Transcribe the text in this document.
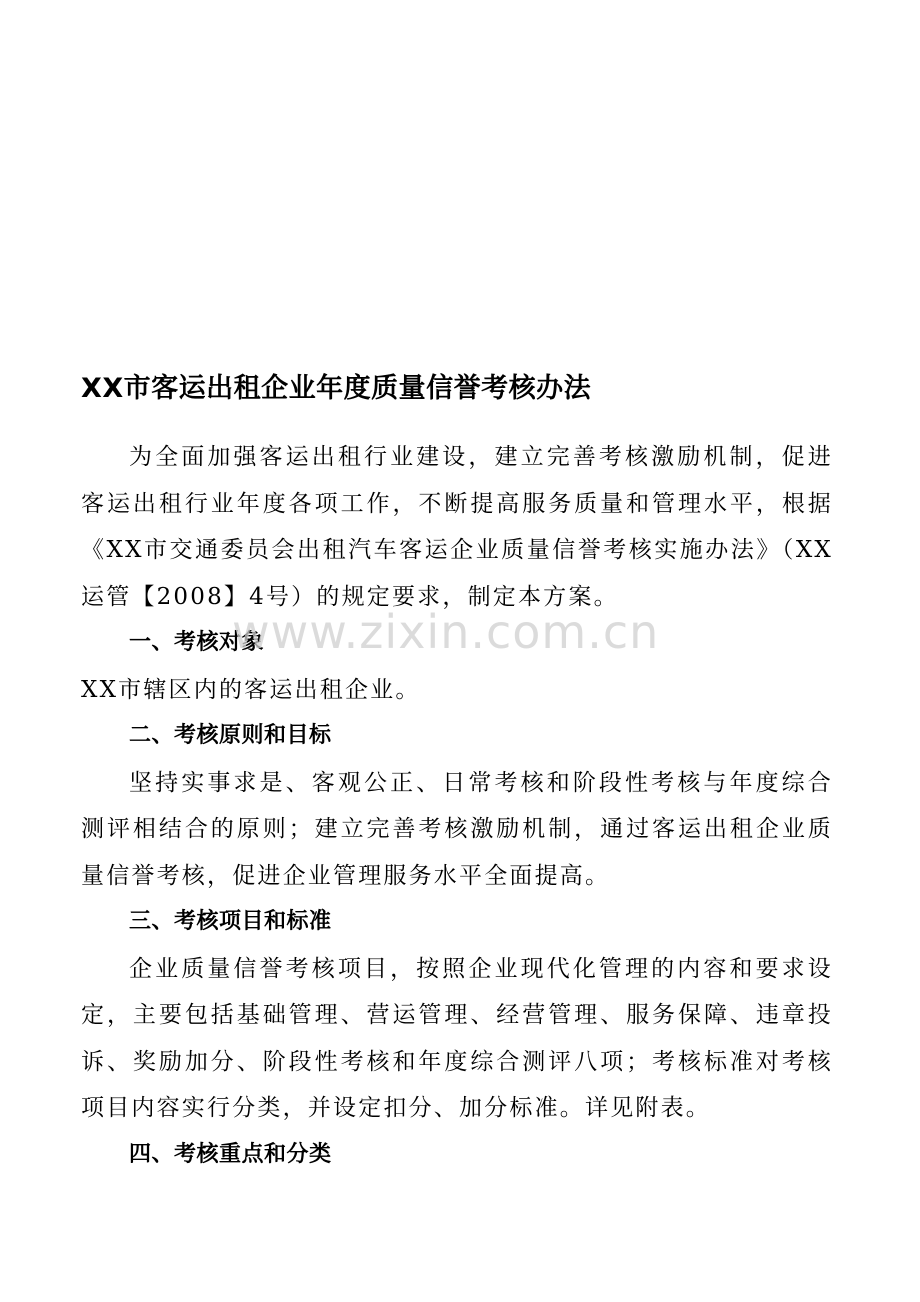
XX市客运出租企业年度质量信誉考核办法

为全面加强客运出租行业建设，建立完善考核激励机制，促进客运出租行业年度各项工作，不断提高服务质量和管理水平，根据《XX市交通委员会出租汽车客运企业质量信誉考核实施办法》（XX运管【2008】4号）的规定要求，制定本方案。

一、考核对象

XX市辖区内的客运出租企业。

二、考核原则和目标

坚持实事求是、客观公正、日常考核和阶段性考核与年度综合测评相结合的原则；建立完善考核激励机制，通过客运出租企业质量信誉考核，促进企业管理服务水平全面提高。

三、考核项目和标准

企业质量信誉考核项目，按照企业现代化管理的内容和要求设定，主要包括基础管理、营运管理、经营管理、服务保障、违章投诉、奖励加分、阶段性考核和年度综合测评八项；考核标准对考核项目内容实行分类，并设定扣分、加分标准。详见附表。

四、考核重点和分类
www.zixin.com.cn
